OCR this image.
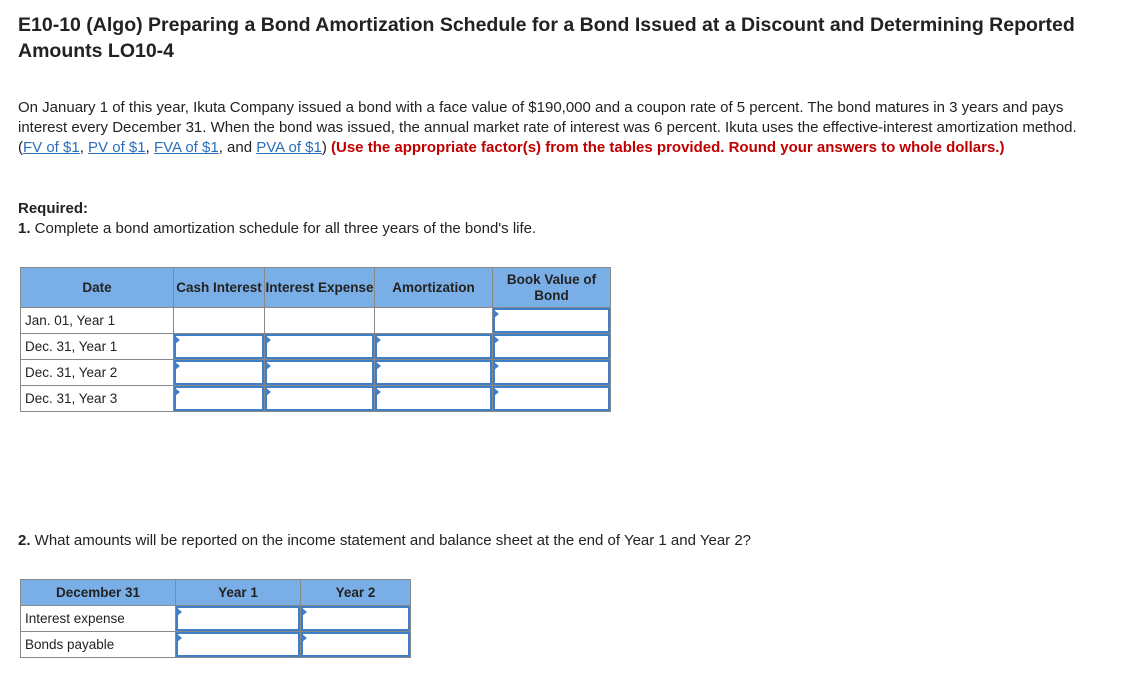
E10-10 (Algo) Preparing a Bond Amortization Schedule for a Bond Issued at a Discount and Determining Reported Amounts LO10-4
On January 1 of this year, Ikuta Company issued a bond with a face value of $190,000 and a coupon rate of 5 percent. The bond matures in 3 years and pays interest every December 31. When the bond was issued, the annual market rate of interest was 6 percent. Ikuta uses the effective-interest amortization method. (FV of $1, PV of $1, FVA of $1, and PVA of $1) (Use the appropriate factor(s) from the tables provided. Round your answers to whole dollars.)
Required:
1. Complete a bond amortization schedule for all three years of the bond's life.
Date	Cash Interest	Interest Expense	Amortization	Book Value of Bond
Jan. 01, Year 1				

Dec. 31, Year 1	

Dec. 31, Year 2	

Dec. 31, Year 3	

2. What amounts will be reported on the income statement and balance sheet at the end of Year 1 and Year 2?
December 31	Year 1	Year 2
Interest expense	

Bonds payable	
